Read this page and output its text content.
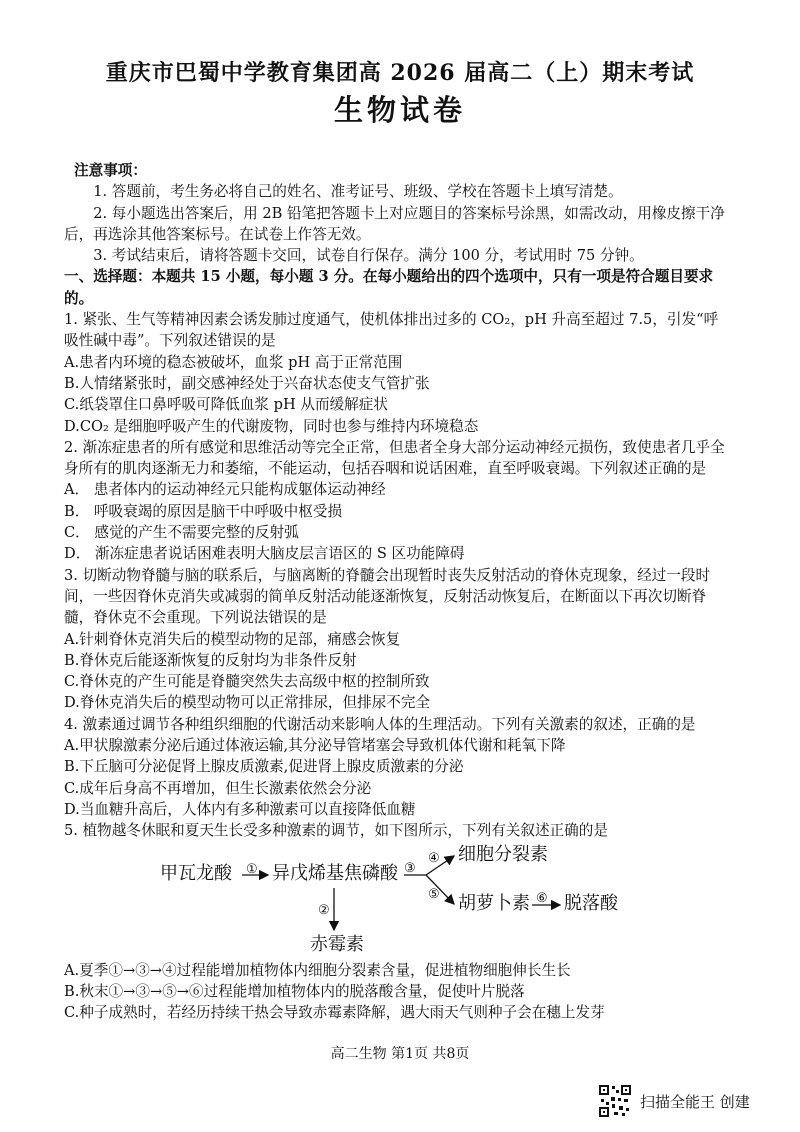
重庆市巴蜀中学教育集团高 2026 届高二（上）期末考试
生物试卷

注意事项：

1. 答题前，考生务必将自己的姓名、准考证号、班级、学校在答题卡上填写清楚。

2. 每小题选出答案后，用 2B 铅笔把答题卡上对应题目的答案标号涂黑，如需改动，用橡皮擦干净后，再选涂其他答案标号。在试卷上作答无效。

3. 考试结束后，请将答题卡交回，试卷自行保存。满分 100 分，考试用时 75 分钟。

一、选择题：本题共 15 小题，每小题 3 分。在每小题给出的四个选项中，只有一项是符合题目要求的。

1. 紧张、生气等精神因素会诱发肺过度通气，使机体排出过多的 CO₂，pH 升高至超过 7.5，引发“呼吸性碱中毒”。下列叙述错误的是

A.患者内环境的稳态被破坏，血浆 pH 高于正常范围

B.人情绪紧张时，副交感神经处于兴奋状态使支气管扩张

C.纸袋罩住口鼻呼吸可降低血浆 pH 从而缓解症状

D.CO₂ 是细胞呼吸产生的代谢废物，同时也参与维持内环境稳态

2. 渐冻症患者的所有感觉和思维活动等完全正常，但患者全身大部分运动神经元损伤，致使患者几乎全身所有的肌肉逐渐无力和萎缩，不能运动，包括吞咽和说话困难，直至呼吸衰竭。下列叙述正确的是

A． 患者体内的运动神经元只能构成躯体运动神经

B． 呼吸衰竭的原因是脑干中呼吸中枢受损

C． 感觉的产生不需要完整的反射弧

D． 渐冻症患者说话困难表明大脑皮层言语区的 S 区功能障碍

3. 切断动物脊髓与脑的联系后，与脑离断的脊髓会出现暂时丧失反射活动的脊休克现象，经过一段时间，一些因脊休克消失或减弱的简单反射活动能逐渐恢复，反射活动恢复后，在断面以下再次切断脊髓，脊休克不会重现。下列说法错误的是

A.针刺脊休克消失后的模型动物的足部，痛感会恢复

B.脊休克后能逐渐恢复的反射均为非条件反射

C.脊休克的产生可能是脊髓突然失去高级中枢的控制所致

D.脊休克消失后的模型动物可以正常排尿，但排尿不完全

4. 激素通过调节各种组织细胞的代谢活动来影响人体的生理活动。下列有关激素的叙述，正确的是

A.甲状腺激素分泌后通过体液运输,其分泌导管堵塞会导致机体代谢和耗氧下降

B.下丘脑可分泌促肾上腺皮质激素,促进肾上腺皮质激素的分泌

C.成年后身高不再增加，但生长激素依然会分泌

D.当血糖升高后，人体内有多种激素可以直接降低血糖

5. 植物越冬休眠和夏天生长受多种激素的调节，如下图所示，下列有关叙述正确的是

甲瓦龙酸 ① 异戊烯基焦磷酸 ③
④ 细胞分裂素
⑤ 胡萝卜素 ⑥ 脱落酸
②
赤霉素

A.夏季①→③→④过程能增加植物体内细胞分裂素含量，促进植物细胞伸长生长

B.秋末①→③→⑤→⑥过程能增加植物体内的脱落酸含量，促使叶片脱落

C.种子成熟时，若经历持续干热会导致赤霉素降解，遇大雨天气则种子会在穗上发芽

高二生物 第1页 共8页
扫描全能王 创建
